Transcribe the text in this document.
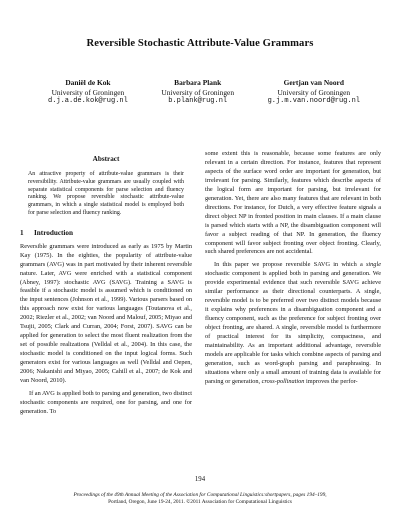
Reversible Stochastic Attribute-Value Grammars
Daniël de Kok
University of Groningen
d.j.a.de.kok@rug.nl
Barbara Plank
University of Groningen
b.plank@rug.nl
Gertjan van Noord
University of Groningen
g.j.m.van.noord@rug.nl
Abstract

An attractive property of attribute-value grammars is their reversibility. Attribute-value grammars are usually coupled with separate statistical components for parse selection and fluency ranking. We propose reversible stochastic attribute-value grammars, in which a single statistical model is employed both for parse selection and fluency ranking.

1 Introduction

Reversible grammars were introduced as early as 1975 by Martin Kay (1975). In the eighties, the popularity of attribute-value grammars (AVG) was in part motivated by their inherent reversible nature. Later, AVG were enriched with a statistical component (Abney, 1997): stochastic AVG (SAVG). Training a SAVG is feasible if a stochastic model is assumed which is conditioned on the input sentences (Johnson et al., 1999). Various parsers based on this approach now exist for various languages (Toutanova et al., 2002; Riezler et al., 2002; van Noord and Malouf, 2005; Miyao and Tsujii, 2005; Clark and Curran, 2004; Forst, 2007). SAVG can be applied for generation to select the most fluent realization from the set of possible realizations (Velldal et al., 2004). In this case, the stochastic model is conditioned on the input logical forms. Such generators exist for various languages as well (Velldal and Oepen, 2006; Nakanishi and Miyao, 2005; Cahill et al., 2007; de Kok and van Noord, 2010).

If an AVG is applied both to parsing and generation, two distinct stochastic components are required, one for parsing, and one for generation. To

some extent this is reasonable, because some features are only relevant in a certain direction. For instance, features that represent aspects of the surface word order are important for generation, but irrelevant for parsing. Similarly, features which describe aspects of the logical form are important for parsing, but irrelevant for generation. Yet, there are also many features that are relevant in both directions. For instance, for Dutch, a very effective feature signals a direct object NP in fronted position in main clauses. If a main clause is parsed which starts with a NP, the disambiguation component will favor a subject reading of that NP. In generation, the fluency component will favor subject fronting over object fronting. Clearly, such shared preferences are not accidental.

In this paper we propose reversible SAVG in which a single stochastic component is applied both in parsing and generation. We provide experimental evidence that such reversible SAVG achieve similar performance as their directional counterparts. A single, reversible model is to be preferred over two distinct models because it explains why preferences in a disambiguation component and a fluency component, such as the preference for subject fronting over object fronting, are shared. A single, reversible model is furthermore of practical interest for its simplicity, compactness, and maintainability. As an important additional advantage, reversible models are applicable for tasks which combine aspects of parsing and generation, such as word-graph parsing and paraphrasing. In situations where only a small amount of training data is available for parsing or generation, cross-pollination improves the perfor-

194
Proceedings of the 49th Annual Meeting of the Association for Computational Linguistics:shortpapers, pages 194–199,
Portland, Oregon, June 19-24, 2011. ©2011 Association for Computational Linguistics
